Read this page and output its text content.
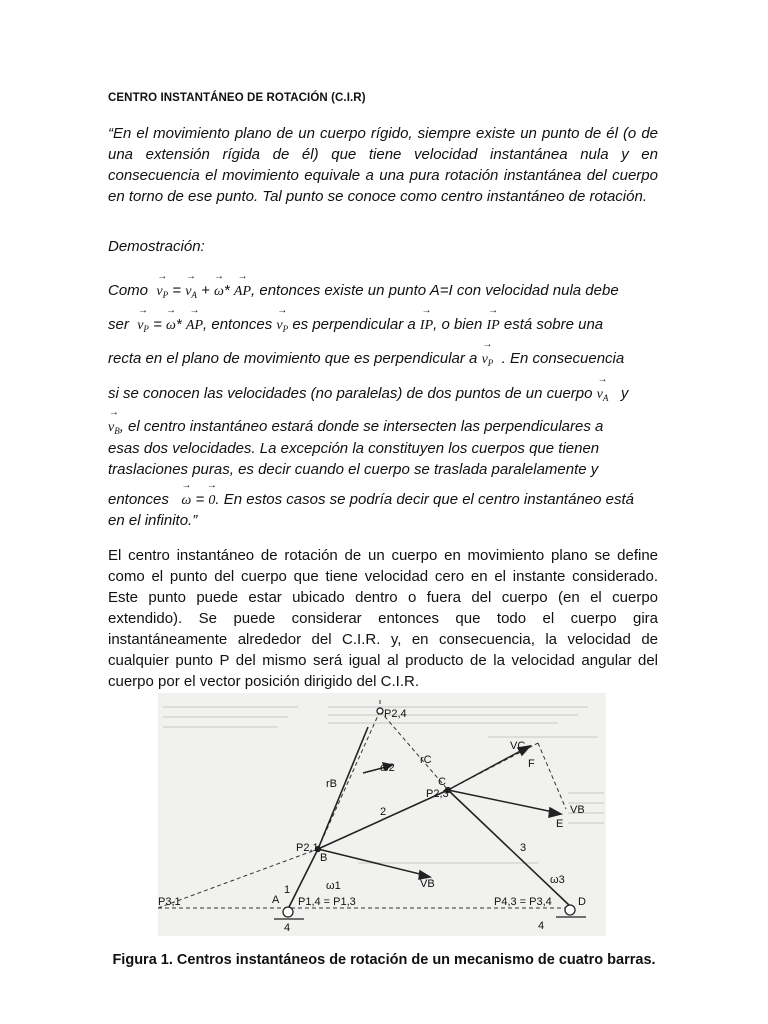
CENTRO INSTANTÁNEO DE ROTACIÓN (C.I.R)

“En el movimiento plano de un cuerpo rígido, siempre existe un punto de él (o de una extensión rígida de él) que tiene velocidad instantánea nula y en consecuencia el movimiento equivale a una pura rotación instantánea del cuerpo en torno de ese punto. Tal punto se conoce como centro instantáneo de rotación.

Demostración:
Como → $v_P$ = → $v_A$ + → ω* → AP, entonces existe un punto A=I con velocidad nula debe
ser → $v_P$ = → ω* → AP, entonces → $v_P$ es perpendicular a → IP, o bien → IP está sobre una
recta en el plano de movimiento que es perpendicular $a \to v_P$ . En consecuencia
si se conocen las velocidades (no paralelas) de dos puntos de un cuerpo → $v_A$ y
→ $v_B$, el centro instantáneo estará donde se intersecten las perpendiculares a
esas dos velocidades. La excepción la constituyen los cuerpos que tienen
traslaciones puras, es decir cuando el cuerpo se traslada paralelamente y
entonces → ω = → 0. En estos casos se podría decir que el centro instantáneo está
en el infinito.”

El centro instantáneo de rotación de un cuerpo en movimiento plano se define como el punto del cuerpo que tiene velocidad cero en el instante considerado. Este punto puede estar ubicado dentro o fuera del cuerpo (en el cuerpo extendido). Se puede considerar entonces que todo el cuerpo gira instantáneamente alrededor del C.I.R. y, en consecuencia, la velocidad de cualquier punto P del mismo será igual al producto de la velocidad angular del cuerpo por el vector posición dirigido del C.I.R.

P2,4
ω2
rC
VC
F
rB	C
P2,3
VB
E
2
P2,1
B
VB
3
1	ω1	ω3
P3,1	A P1,4 = P1,3	P4,3 = P3,4 D
4	4
Figura 1. Centros instantáneos de rotación de un mecanismo de cuatro barras.
